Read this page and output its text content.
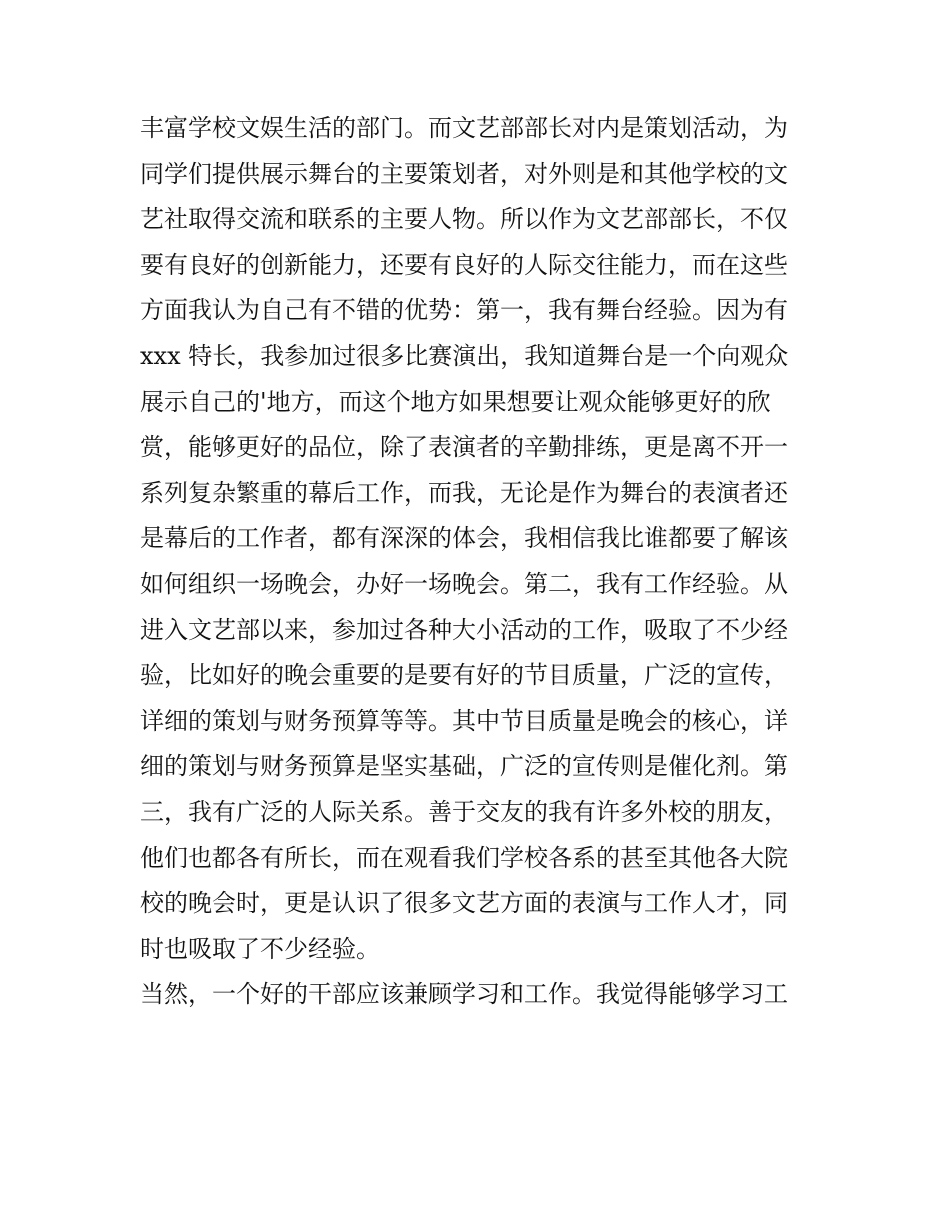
丰富学校文娱生活的部门。而文艺部部长对内是策划活动，为
同学们提供展示舞台的主要策划者，对外则是和其他学校的文
艺社取得交流和联系的主要人物。所以作为文艺部部长，不仅
要有良好的创新能力，还要有良好的人际交往能力，而在这些
方面我认为自己有不错的优势：第一，我有舞台经验。因为有
xxx 特长，我参加过很多比赛演出，我知道舞台是一个向观众
展示自己的'地方，而这个地方如果想要让观众能够更好的欣
赏，能够更好的品位，除了表演者的辛勤排练，更是离不开一
系列复杂繁重的幕后工作，而我，无论是作为舞台的表演者还
是幕后的工作者，都有深深的体会，我相信我比谁都要了解该
如何组织一场晚会，办好一场晚会。第二，我有工作经验。从
进入文艺部以来，参加过各种大小活动的工作，吸取了不少经
验，比如好的晚会重要的是要有好的节目质量，广泛的宣传，
详细的策划与财务预算等等。其中节目质量是晚会的核心，详
细的策划与财务预算是坚实基础，广泛的宣传则是催化剂。第
三，我有广泛的人际关系。善于交友的我有许多外校的朋友，
他们也都各有所长，而在观看我们学校各系的甚至其他各大院
校的晚会时，更是认识了很多文艺方面的表演与工作人才，同
时也吸取了不少经验。
当然，一个好的干部应该兼顾学习和工作。我觉得能够学习工
